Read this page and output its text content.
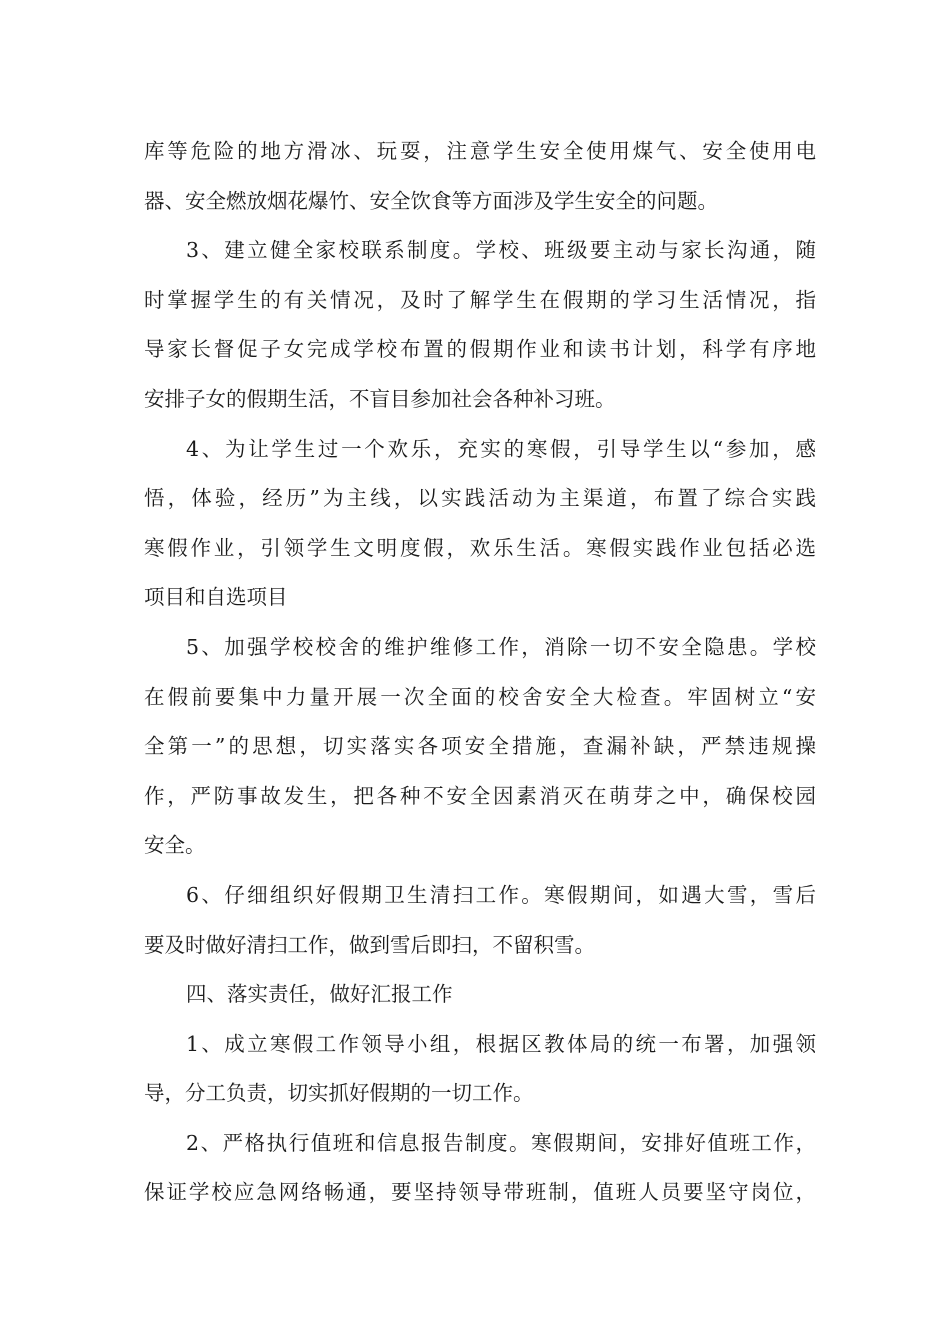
库等危险的地方滑冰、玩耍，注意学生安全使用煤气、安全使用电
器、安全燃放烟花爆竹、安全饮食等方面涉及学生安全的问题。
3、建立健全家校联系制度。学校、班级要主动与家长沟通，随
时掌握学生的有关情况，及时了解学生在假期的学习生活情况，指
导家长督促子女完成学校布置的假期作业和读书计划，科学有序地
安排子女的假期生活，不盲目参加社会各种补习班。
4、为让学生过一个欢乐，充实的寒假，引导学生以“参加，感
悟，体验，经历”为主线，以实践活动为主渠道，布置了综合实践
寒假作业，引领学生文明度假，欢乐生活。寒假实践作业包括必选
项目和自选项目
5、加强学校校舍的维护维修工作，消除一切不安全隐患。学校
在假前要集中力量开展一次全面的校舍安全大检查。牢固树立“安
全第一”的思想，切实落实各项安全措施，查漏补缺，严禁违规操
作，严防事故发生，把各种不安全因素消灭在萌芽之中，确保校园
安全。
6、仔细组织好假期卫生清扫工作。寒假期间，如遇大雪，雪后
要及时做好清扫工作，做到雪后即扫，不留积雪。
四、落实责任，做好汇报工作
1、成立寒假工作领导小组，根据区教体局的统一布署，加强领
导，分工负责，切实抓好假期的一切工作。
2、严格执行值班和信息报告制度。寒假期间，安排好值班工作，
保证学校应急网络畅通，要坚持领导带班制，值班人员要坚守岗位，
